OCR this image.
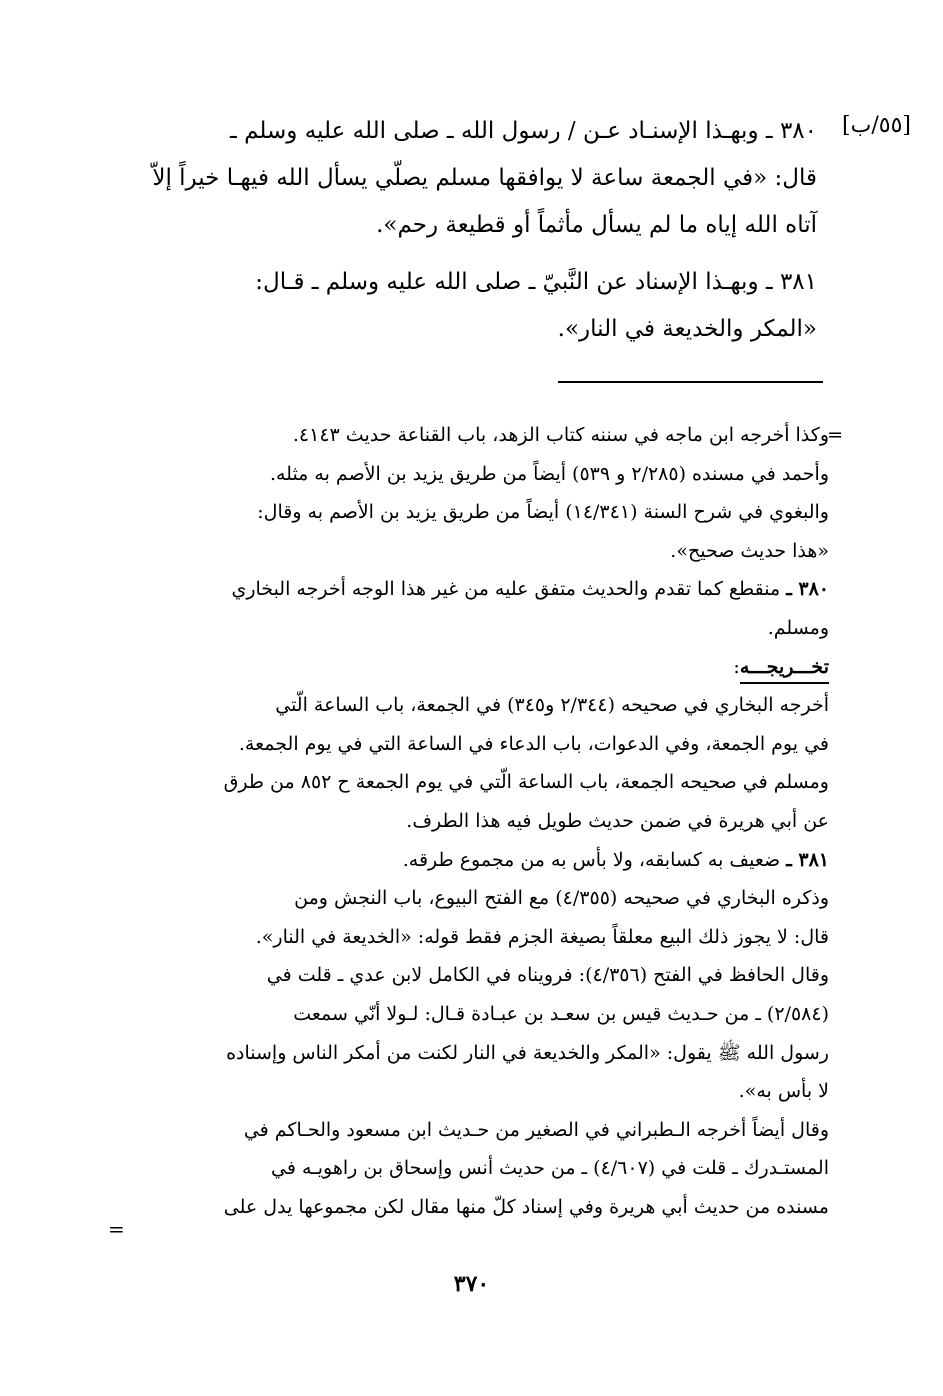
[٥٥/ب]

٣٨٠ ـ وبهـذا الإسنـاد عـن / رسول الله ـ صلى الله عليه وسلم ـ

قال: «في الجمعة ساعة لا يوافقها مسلم يصلّي يسأل الله فيهـا خيراً إلاّ

آتاه الله إياه ما لم يسأل مأثماً أو قطيعة رحم».

٣٨١ ـ وبهـذا الإسناد عن النَّبيّ ـ صلى الله عليه وسلم ـ قـال:

«المكر والخديعة في النار».

=
وكذا أخرجه ابن ماجه في سننه كتاب الزهد، باب القناعة حديث ٤١٤٣.

وأحمد في مسنده (٢/٢٨٥ و ٥٣٩) أيضاً من طريق يزيد بن الأصم به مثله.

والبغوي في شرح السنة (١٤/٣٤١) أيضاً من طريق يزيد بن الأصم به وقال:

«هذا حديث صحيح».

٣٨٠ ـ منقطع كما تقدم والحديث متفق عليه من غير هذا الوجه أخرجه البخاري

ومسلم.

تخـــريجـــه:

أخرجه البخاري في صحيحه (٢/٣٤٤ و٣٤٥) في الجمعة، باب الساعة الّتي

في يوم الجمعة، وفي الدعوات، باب الدعاء في الساعة التي في يوم الجمعة.

ومسلم في صحيحه الجمعة، باب الساعة الّتي في يوم الجمعة ح ٨٥٢ من طرق

عن أبي هريرة في ضمن حديث طويل فيه هذا الطرف.

٣٨١ ـ ضعيف به كسابقه، ولا بأس به من مجموع طرقه.

وذكره البخاري في صحيحه (٤/٣٥٥) مع الفتح البيوع، باب النجش ومن

قال: لا يجوز ذلك البيع معلقاً بصيغة الجزم فقط قوله: «الخديعة في النار».

وقال الحافظ في الفتح (٤/٣٥٦): فرويناه في الكامل لابن عدي ـ قلت في

(٢/٥٨٤) ـ من حـديث قيس بن سعـد بن عبـادة قـال: لـولا أنّي سمعت

رسول الله ﷺ يقول: «المكر والخديعة في النار لكنت من أمكر الناس وإسناده

لا بأس به».

وقال أيضاً أخرجه الـطبراني في الصغير من حـديث ابن مسعود والحـاكم في

المستـدرك ـ قلت في (٤/٦٠٧) ـ من حديث أنس وإسحاق بن راهويـه في

مسنده من حديث أبي هريرة وفي إسناد كلّ منها مقال لكن مجموعها يدل على

=
٣٧٠
